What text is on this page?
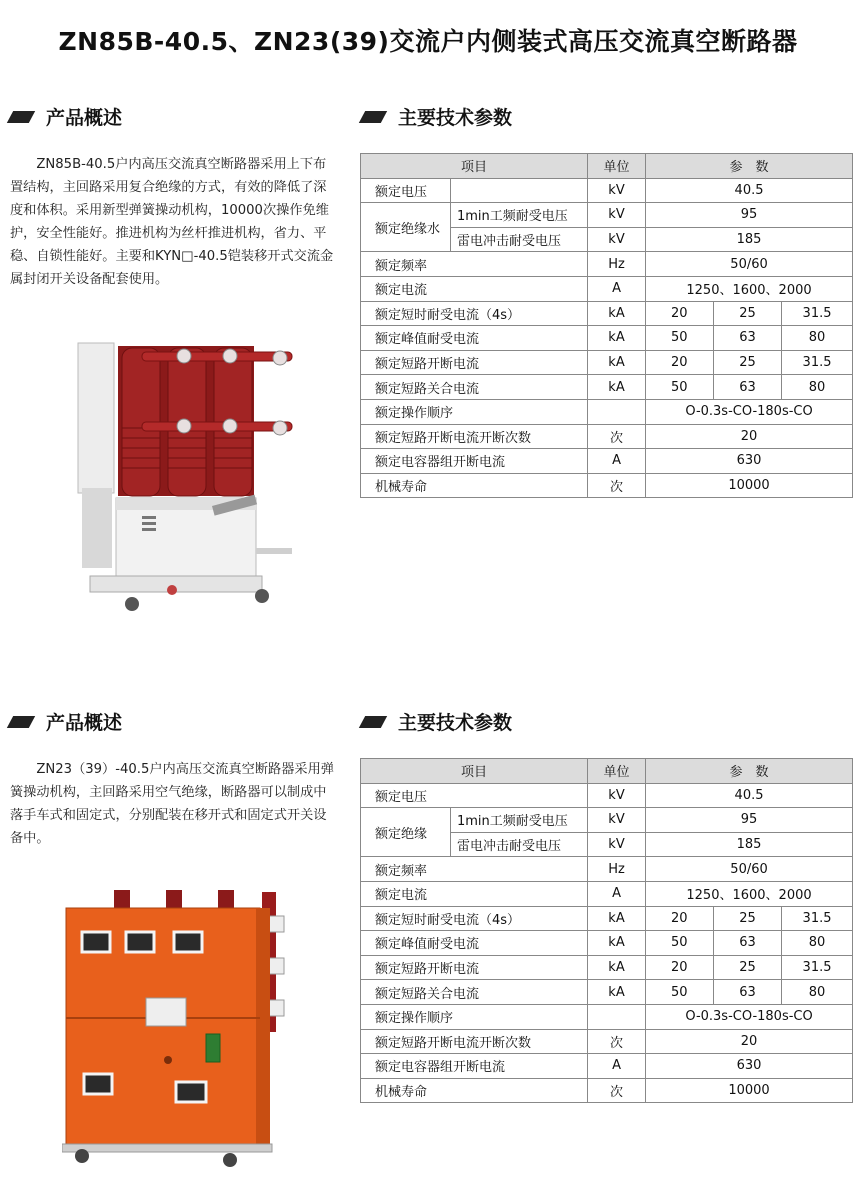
ZN85B-40.5、ZN23(39)交流户内侧装式高压交流真空断路器
产品概述	主要技术参数
ZN85B-40.5户内高压交流真空断路器采用上下布置结构，主回路采用复合绝缘的方式，有效的降低了深度和体积。采用新型弹簧操动机构，10000次操作免维护，安全性能好。推进机构为丝杆推进机构，省力、平稳、自锁性能好。主要和KYN□-40.5铠装移开式交流金属封闭开关设备配套使用。
项目		单位	参　数		
额定电压		kV	40.5		
额定绝缘水	1min工频耐受电压	kV	95		
	雷电冲击耐受电压	kV	185		
额定频率		Hz	50/60		
额定电流		A	1250、1600、2000		
额定短时耐受电流（4s）		kA	20	25	31.5
额定峰值耐受电流		kA	50	63	80
额定短路开断电流		kA	20	25	31.5
额定短路关合电流		kA	50	63	80
额定操作顺序			O-0.3s-CO-180s-CO		
额定短路开断电流开断次数		次	20		
额定电容器组开断电流		A	630		
机械寿命		次	10000		
产品概述	主要技术参数
ZN23（39）-40.5户内高压交流真空断路器采用弹簧操动机构，主回路采用空气绝缘，断路器可以制成中落手车式和固定式，分别配装在移开式和固定式开关设备中。
项目		单位	参　数		
额定电压		kV	40.5		
额定绝缘	1min工频耐受电压	kV	95		
	雷电冲击耐受电压	kV	185		
额定频率		Hz	50/60		
额定电流		A	1250、1600、2000		
额定短时耐受电流（4s）		kA	20	25	31.5
额定峰值耐受电流		kA	50	63	80
额定短路开断电流		kA	20	25	31.5
额定短路关合电流		kA	50	63	80
额定操作顺序			O-0.3s-CO-180s-CO		
额定短路开断电流开断次数		次	20		
额定电容器组开断电流		A	630		
机械寿命		次	10000		
